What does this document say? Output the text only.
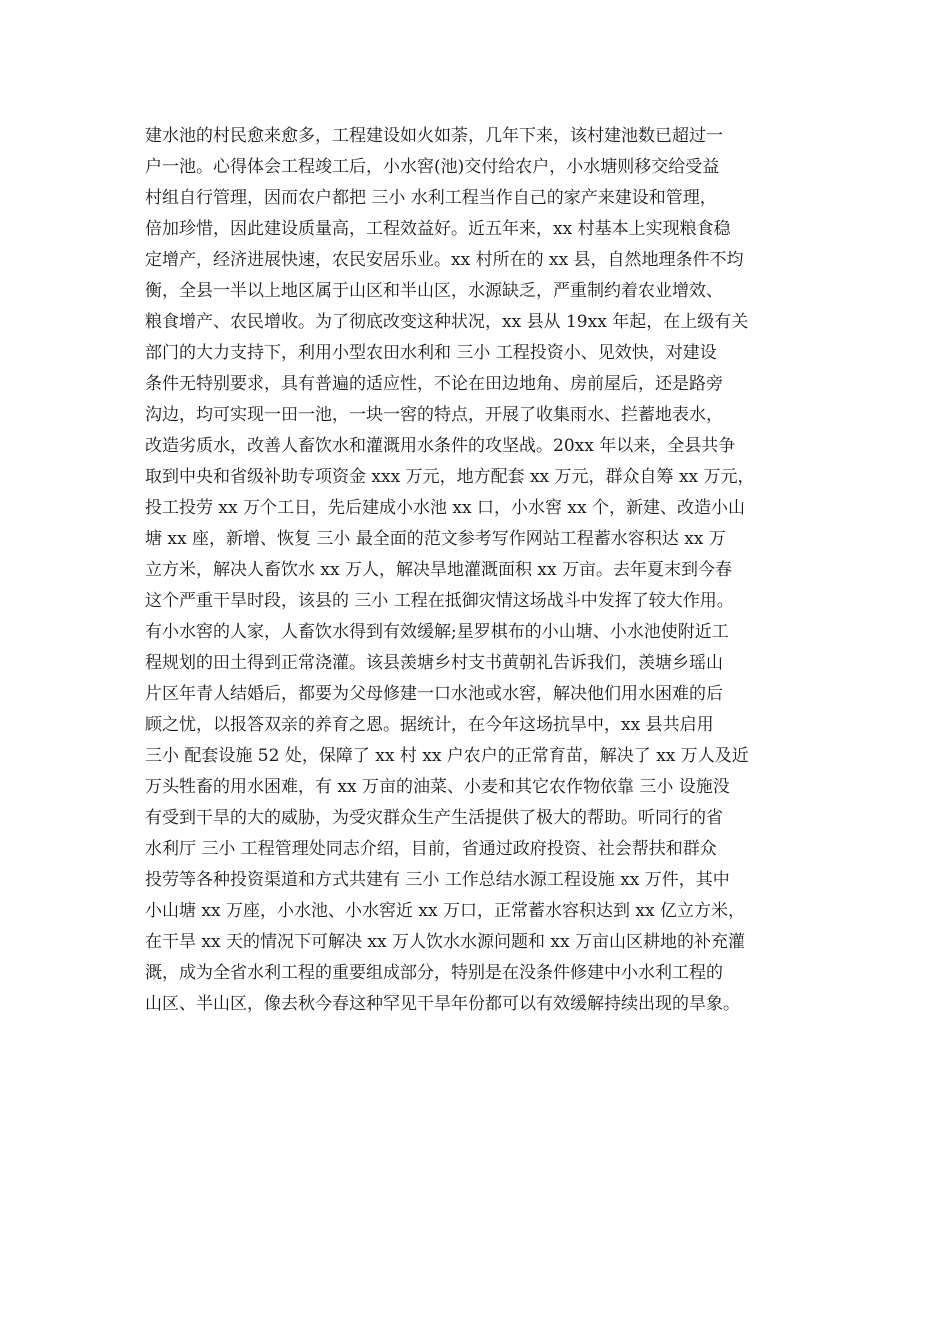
建水池的村民愈来愈多，工程建设如火如荼，几年下来，该村建池数已超过一
户一池。心得体会工程竣工后，小水窖(池)交付给农户，小水塘则移交给受益
村组自行管理，因而农户都把 三小 水利工程当作自己的家产来建设和管理，
倍加珍惜，因此建设质量高，工程效益好。近五年来，xx 村基本上实现粮食稳
定增产，经济进展快速，农民安居乐业。xx 村所在的 xx 县，自然地理条件不均
衡，全县一半以上地区属于山区和半山区，水源缺乏，严重制约着农业增效、
粮食增产、农民增收。为了彻底改变这种状况，xx 县从 19xx 年起，在上级有关
部门的大力支持下，利用小型农田水利和 三小 工程投资小、见效快，对建设
条件无特别要求，具有普遍的适应性，不论在田边地角、房前屋后，还是路旁
沟边，均可实现一田一池，一块一窖的特点，开展了收集雨水、拦蓄地表水，
改造劣质水，改善人畜饮水和灌溉用水条件的攻坚战。20xx 年以来，全县共争
取到中央和省级补助专项资金 xxx 万元，地方配套 xx 万元，群众自筹 xx 万元，
投工投劳 xx 万个工日，先后建成小水池 xx 口，小水窖 xx 个，新建、改造小山
塘 xx 座，新增、恢复 三小 最全面的范文参考写作网站工程蓄水容积达 xx 万
立方米，解决人畜饮水 xx 万人，解决旱地灌溉面积 xx 万亩。去年夏末到今春
这个严重干旱时段，该县的 三小 工程在抵御灾情这场战斗中发挥了较大作用。
有小水窖的人家，人畜饮水得到有效缓解;星罗棋布的小山塘、小水池使附近工
程规划的田土得到正常浇灌。该县羡塘乡村支书黄朝礼告诉我们，羡塘乡瑶山
片区年青人结婚后，都要为父母修建一口水池或水窖，解决他们用水困难的后
顾之忧，以报答双亲的养育之恩。据统计，在今年这场抗旱中，xx 县共启用
三小 配套设施 52 处，保障了 xx 村 xx 户农户的正常育苗，解决了 xx 万人及近
万头牲畜的用水困难，有 xx 万亩的油菜、小麦和其它农作物依靠 三小 设施没
有受到干旱的大的威胁，为受灾群众生产生活提供了极大的帮助。听同行的省
水利厅 三小 工程管理处同志介绍，目前，省通过政府投资、社会帮扶和群众
投劳等各种投资渠道和方式共建有 三小 工作总结水源工程设施 xx 万件，其中
小山塘 xx 万座，小水池、小水窖近 xx 万口，正常蓄水容积达到 xx 亿立方米，
在干旱 xx 天的情况下可解决 xx 万人饮水水源问题和 xx 万亩山区耕地的补充灌
溉，成为全省水利工程的重要组成部分，特别是在没条件修建中小水利工程的
山区、半山区，像去秋今春这种罕见干旱年份都可以有效缓解持续出现的旱象。
